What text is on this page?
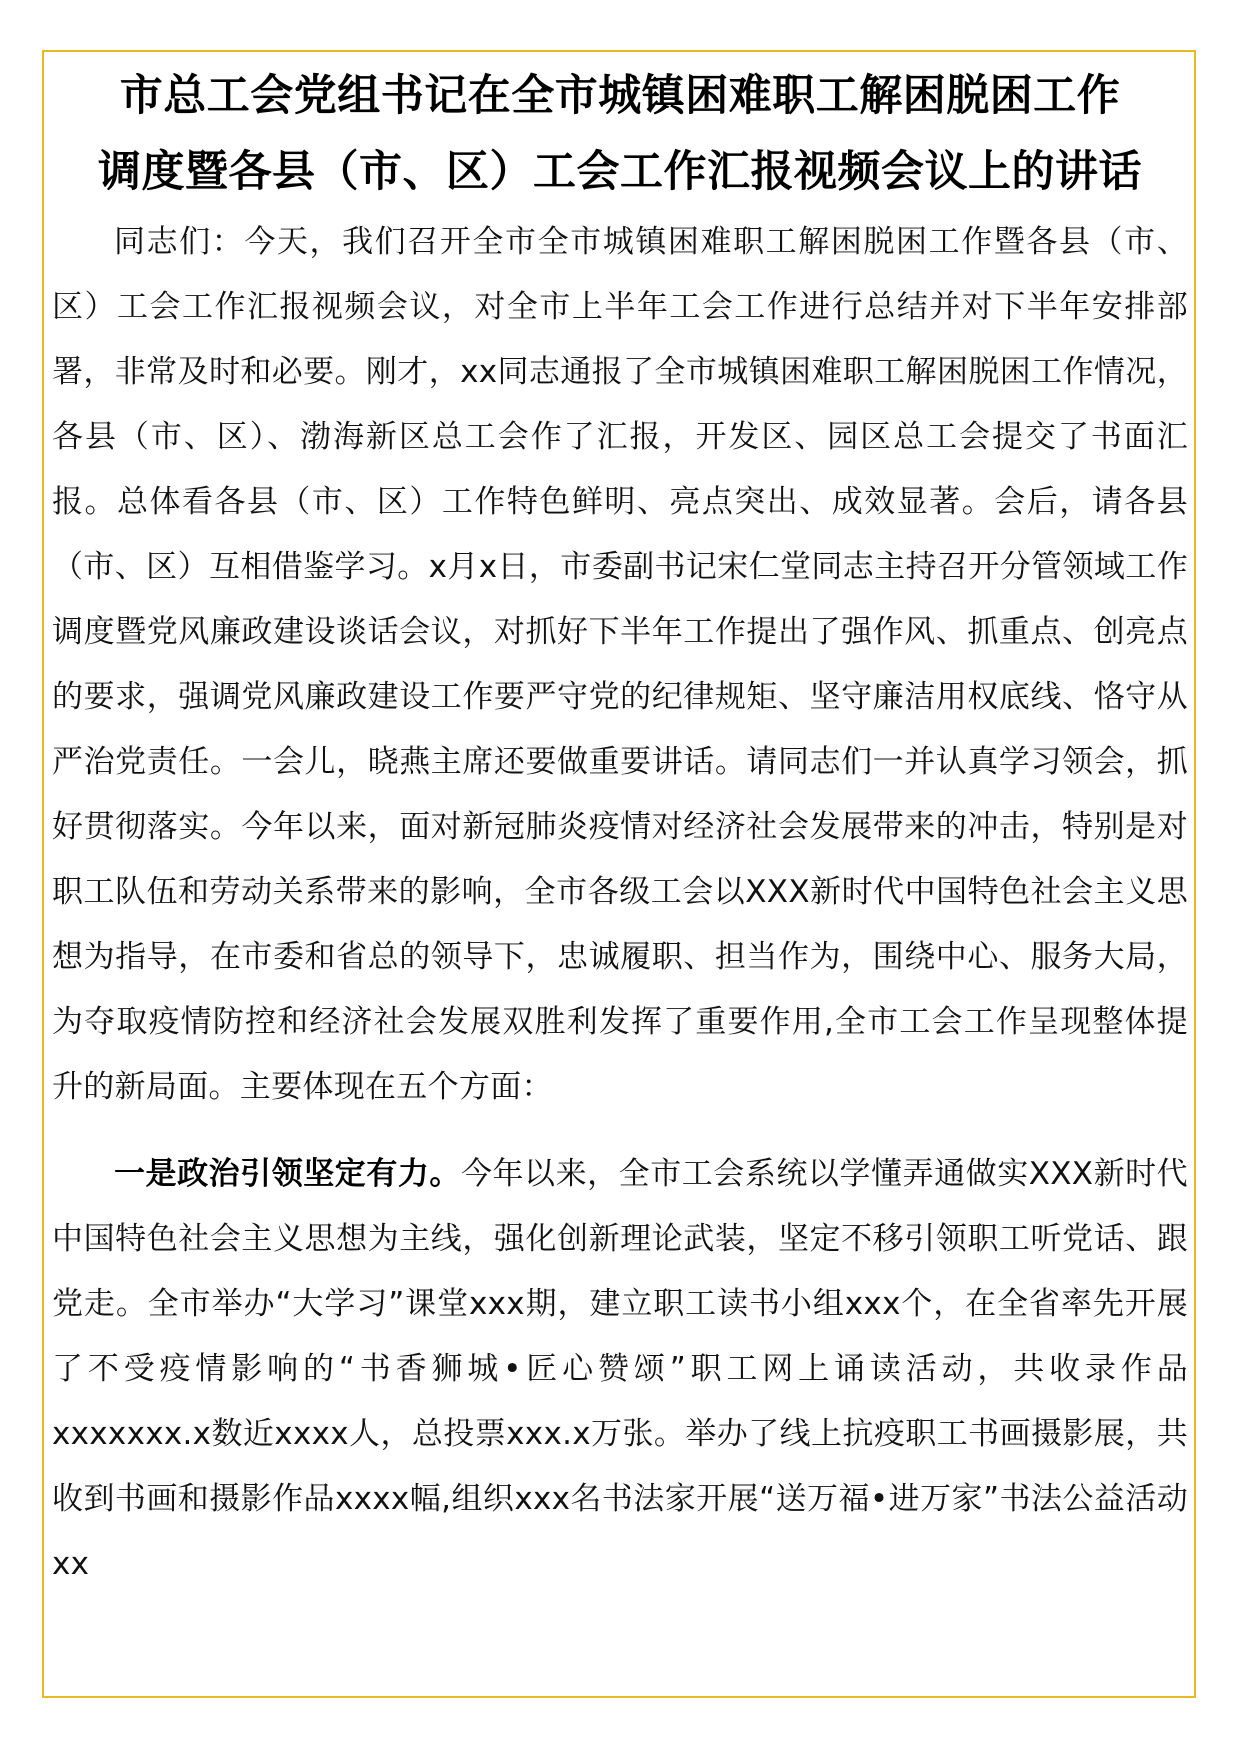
市总工会党组书记在全市城镇困难职工解困脱困工作
调度暨各县（市、区）工会工作汇报视频会议上的讲话

同志们：今天，我们召开全市全市城镇困难职工解困脱困工作暨各县（市、区）工会工作汇报视频会议，对全市上半年工会工作进行总结并对下半年安排部署，非常及时和必要。刚才，xx同志通报了全市城镇困难职工解困脱困工作情况，各县（市、区）、渤海新区总工会作了汇报，开发区、园区总工会提交了书面汇报。总体看各县（市、区）工作特色鲜明、亮点突出、成效显著。会后，请各县（市、区）互相借鉴学习。x月x日，市委副书记宋仁堂同志主持召开分管领域工作调度暨党风廉政建设谈话会议，对抓好下半年工作提出了强作风、抓重点、创亮点的要求，强调党风廉政建设工作要严守党的纪律规矩、坚守廉洁用权底线、恪守从严治党责任。一会儿，晓燕主席还要做重要讲话。请同志们一并认真学习领会，抓好贯彻落实。今年以来，面对新冠肺炎疫情对经济社会发展带来的冲击，特别是对职工队伍和劳动关系带来的影响，全市各级工会以XXX新时代中国特色社会主义思想为指导，在市委和省总的领导下，忠诚履职、担当作为，围绕中心、服务大局，为夺取疫情防控和经济社会发展双胜利发挥了重要作用,全市工会工作呈现整体提升的新局面。主要体现在五个方面：

一是政治引领坚定有力。今年以来，全市工会系统以学懂弄通做实XXX新时代中国特色社会主义思想为主线，强化创新理论武装，坚定不移引领职工听党话、跟党走。全市举办“大学习”课堂xxx期，建立职工读书小组xxx个，在全省率先开展了不受疫情影响的“书香狮城•匠心赞颂”职工网上诵读活动，共收录作品xxxxxxx.x数近xxxx人，总投票xxx.x万张。举办了线上抗疫职工书画摄影展，共收到书画和摄影作品xxxx幅,组织xxx名书法家开展“送万福•进万家”书法公益活动xx
